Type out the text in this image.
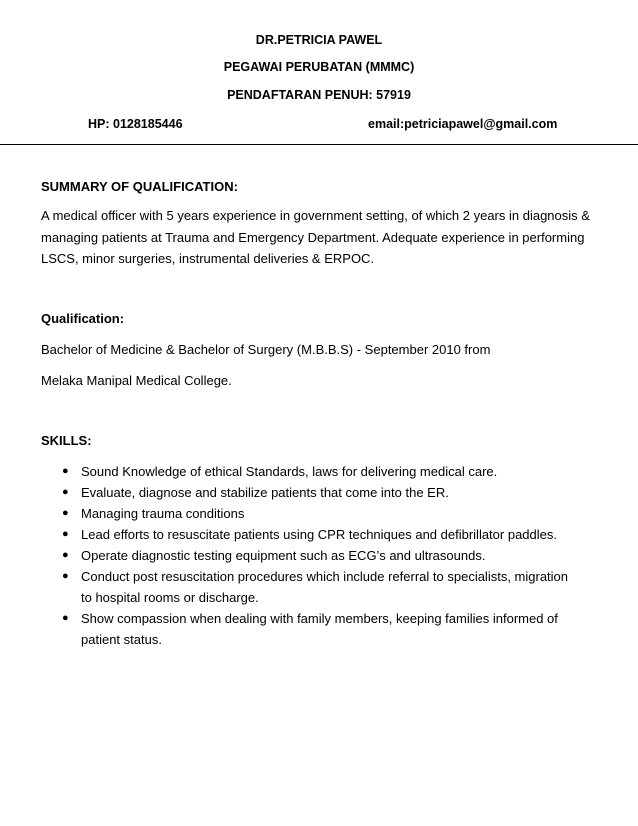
DR.PETRICIA PAWEL
PEGAWAI PERUBATAN (MMMC)
PENDAFTARAN PENUH: 57919
HP: 0128185446	email:petriciapawel@gmail.com
SUMMARY OF QUALIFICATION:
A medical officer with 5 years experience in government setting, of which 2 years in diagnosis & managing patients at Trauma and Emergency Department. Adequate experience in performing LSCS, minor surgeries, instrumental deliveries & ERPOC.
Qualification:
Bachelor of Medicine & Bachelor of Surgery (M.B.B.S) - September 2010 from
Melaka Manipal Medical College.
SKILLS:
● Sound Knowledge of ethical Standards, laws for delivering medical care.
● Evaluate, diagnose and stabilize patients that come into the ER.
● Managing trauma conditions
● Lead efforts to resuscitate patients using CPR techniques and defibrillator paddles.
● Operate diagnostic testing equipment such as ECG’s and ultrasounds.
● Conduct post resuscitation procedures which include referral to specialists, migration to hospital rooms or discharge.
● Show compassion when dealing with family members, keeping families informed of patient status.
